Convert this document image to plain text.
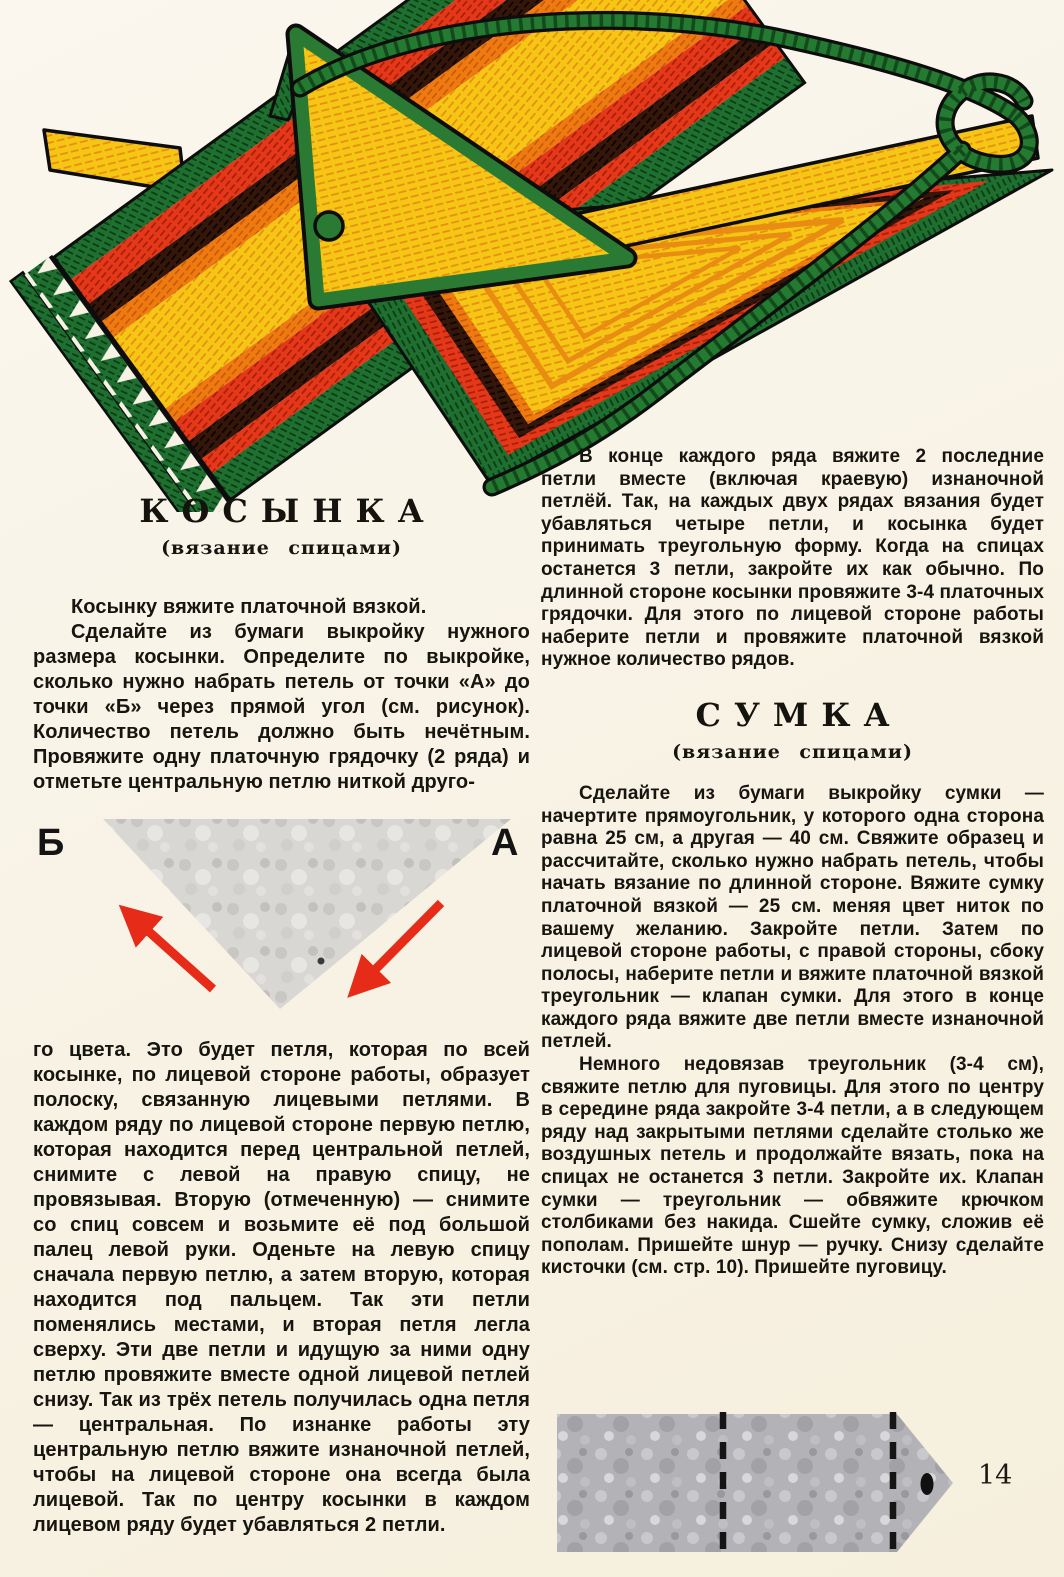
КОСЫНКА
(вязание спицами)

Косынку вяжите платочной вязкой.

Сделайте из бумаги выкройку нужного размера косынки. Определите по выкройке, сколько нужно набрать петель от точки «А» до точки «Б» через прямой угол (см. рисунок). Количество петель должно быть нечётным. Провяжите одну платочную грядочку (2 ряда) и отметьте центральную петлю ниткой друго-

Б	А

го цвета. Это будет петля, которая по всей косынке, по лицевой стороне работы, образует полоску, связанную лицевыми петлями. В каждом ряду по лицевой стороне первую петлю, которая находится перед центральной петлей, снимите с левой на правую спицу, не провязывая. Вторую (отмеченную) — снимите со спиц совсем и возьмите её под большой палец левой руки. Оденьте на левую спицу сначала первую петлю, а затем вторую, которая находится под пальцем. Так эти петли поменялись местами, и вторая петля легла сверху. Эти две петли и идущую за ними одну петлю провяжите вместе одной лицевой петлей снизу. Так из трёх петель получилась одна петля — центральная. По изнанке работы эту центральную петлю вяжите изнаночной петлей, чтобы на лицевой стороне она всегда была лицевой. Так по центру косынки в каждом лицевом ряду будет убавляться 2 петли.

В конце каждого ряда вяжите 2 последние петли вместе (включая краевую) изнаночной петлёй. Так, на каждых двух рядах вязания будет убавляться четыре петли, и косынка будет принимать треугольную форму. Когда на спицах останется 3 петли, закройте их как обычно. По длинной стороне косынки провяжите 3-4 платочных грядочки. Для этого по лицевой стороне работы наберите петли и провяжите платочной вязкой нужное количество рядов.

СУМКА
(вязание спицами)

Сделайте из бумаги выкройку сумки — начертите прямоугольник, у которого одна сторона равна 25 см, а другая — 40 см. Свяжите образец и рассчитайте, сколько нужно набрать петель, чтобы начать вязание по длинной стороне. Вяжите сумку платочной вязкой — 25 см. меняя цвет ниток по вашему желанию. Закройте петли. Затем по лицевой стороне работы, с правой стороны, сбоку полосы, наберите петли и вяжите платочной вязкой треугольник — клапан сумки. Для этого в конце каждого ряда вяжите две петли вместе изнаночной петлей.

Немного недовязав треугольник (3-4 см), свяжите петлю для пуговицы. Для этого по центру в середине ряда закройте 3-4 петли, а в следующем ряду над закрытыми петлями сделайте столько же воздушных петель и продолжайте вязать, пока на спицах не останется 3 петли. Закройте их. Клапан сумки — треугольник — обвяжите крючком столбиками без накида. Сшейте сумку, сложив её пополам. Пришейте шнур — ручку. Снизу сделайте кисточки (см. стр. 10). Пришейте пуговицу.

14
